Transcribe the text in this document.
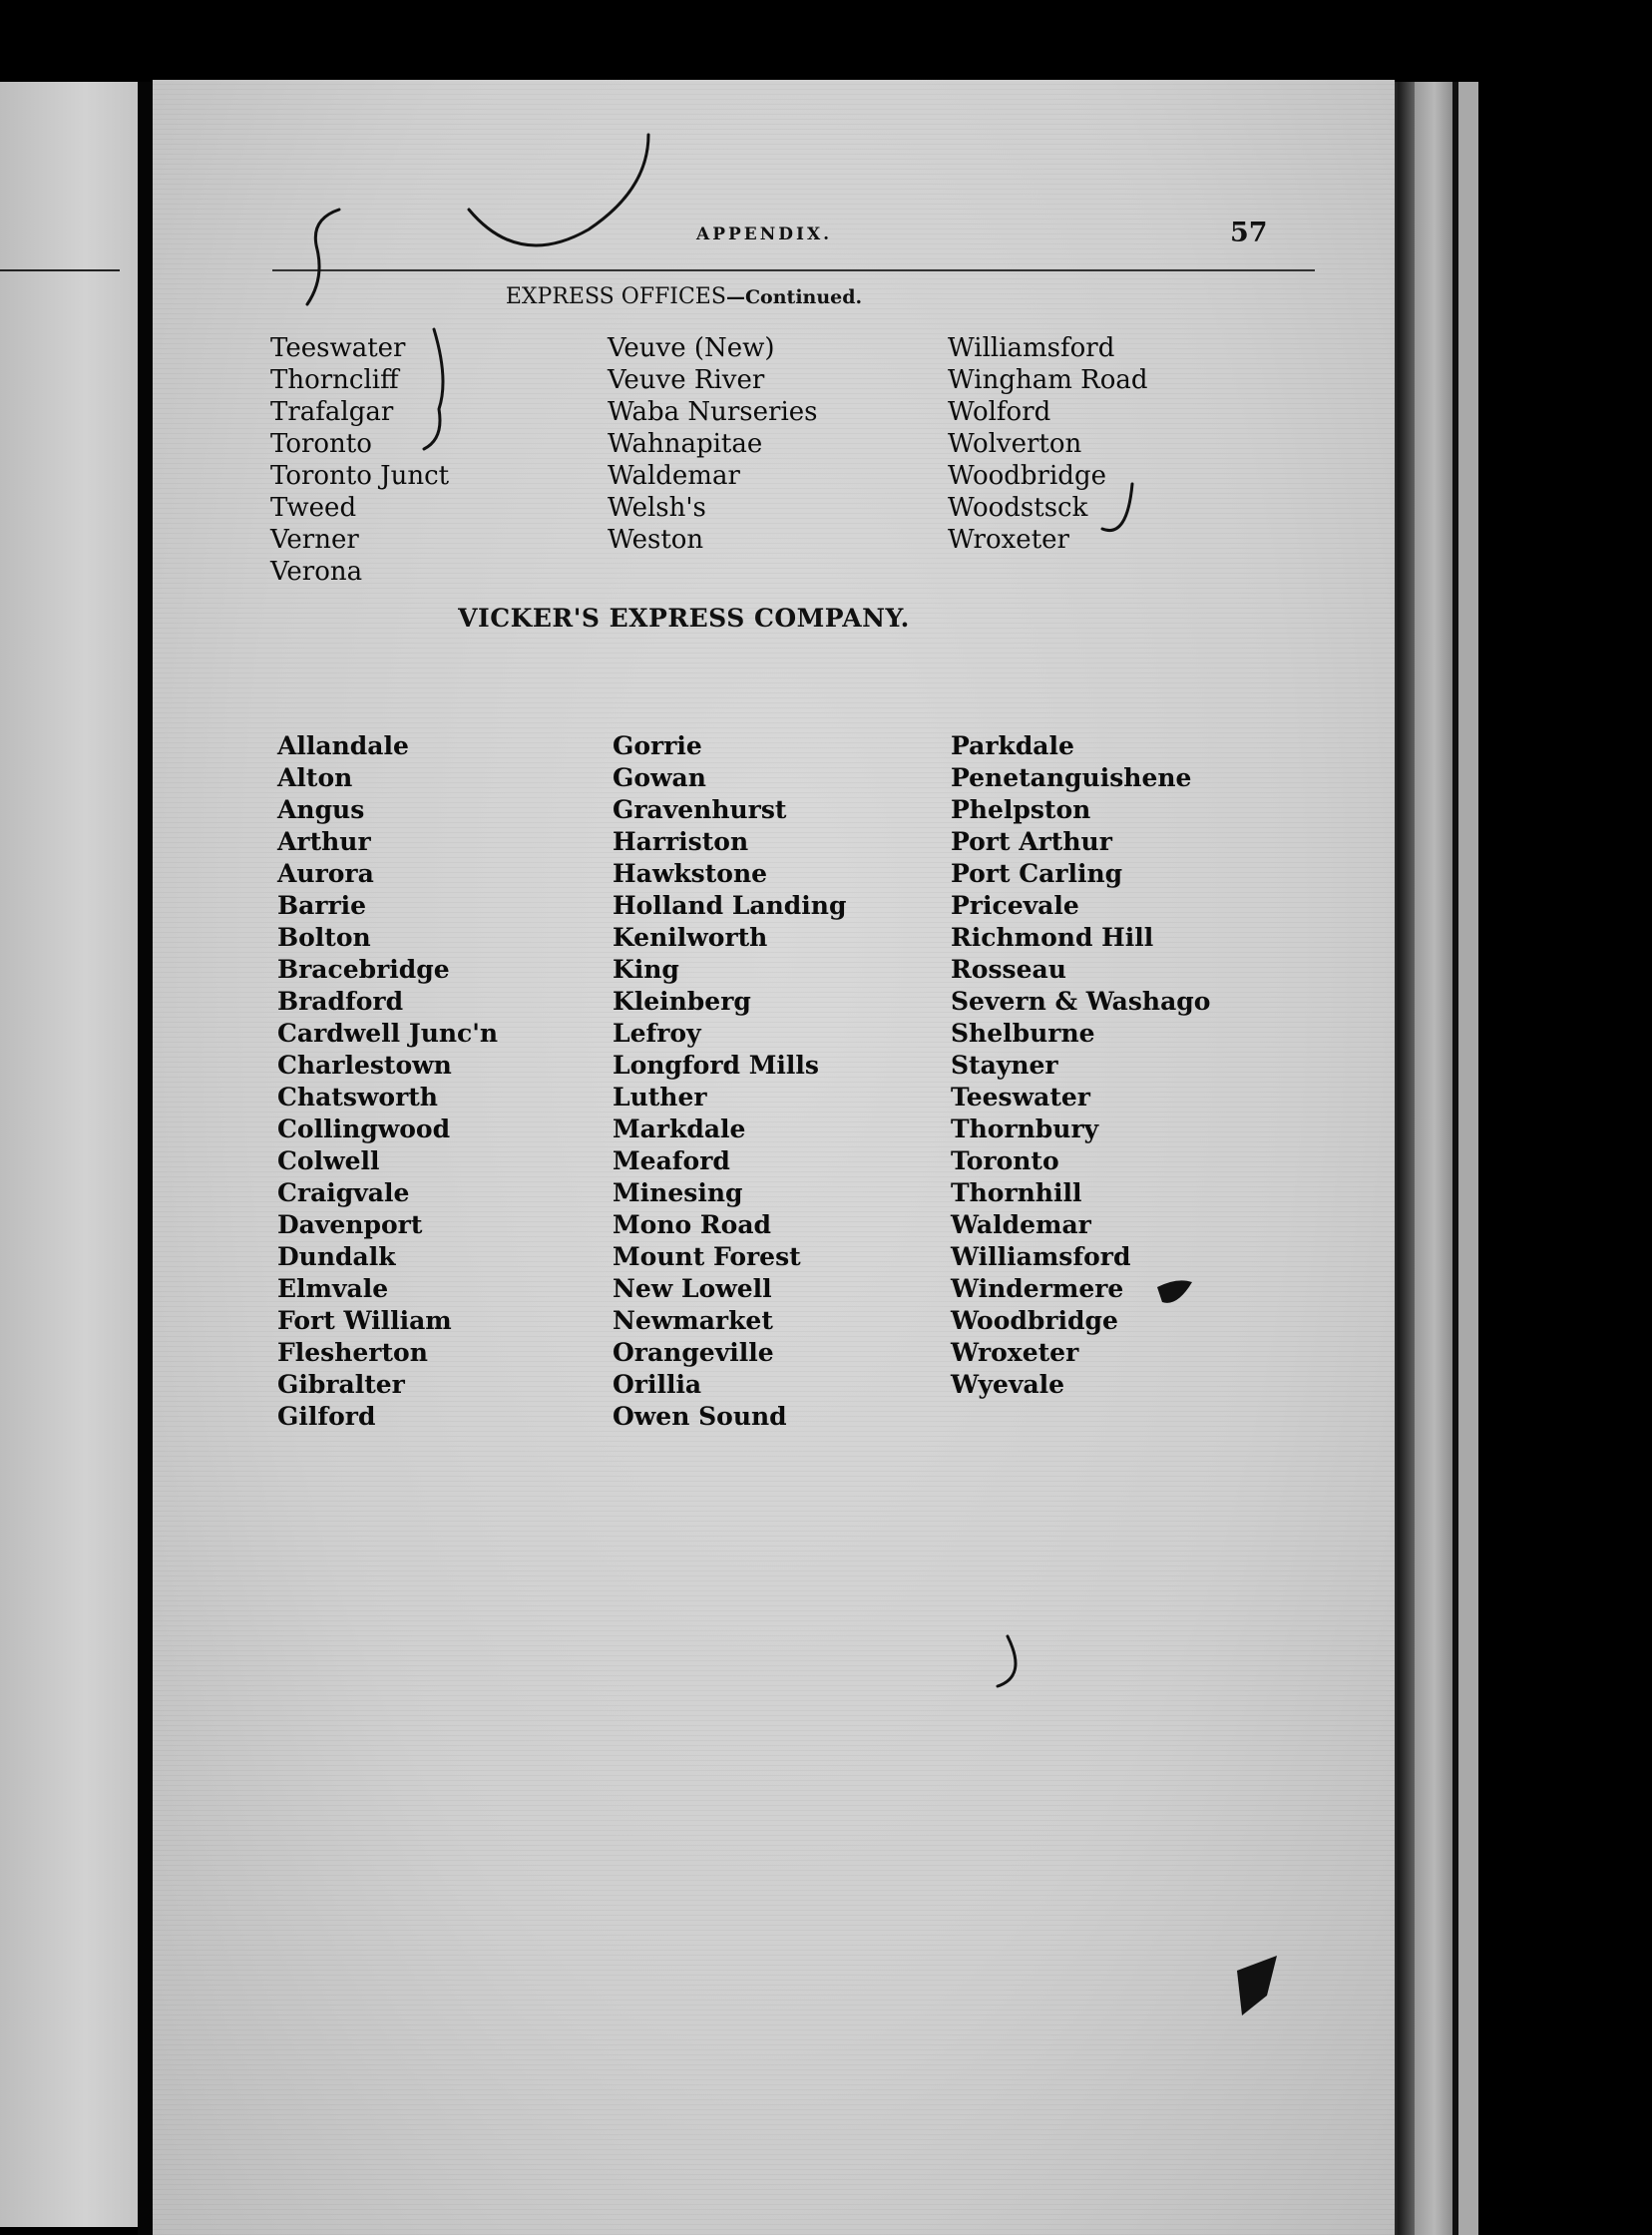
APPENDIX.	57
EXPRESS OFFICES—Continued.
Teeswater
Thorncliff
Trafalgar
Toronto
Toronto Junct
Tweed
Verner
Verona
Veuve (New)
Veuve River
Waba Nurseries
Wahnapitae
Waldemar
Welsh's
Weston
Williamsford
Wingham Road
Wolford
Wolverton
Woodbridge
Woodstsck
Wroxeter
VICKER'S EXPRESS COMPANY.
Allandale
Alton
Angus
Arthur
Aurora
Barrie
Bolton
Bracebridge
Bradford
Cardwell Junc'n
Charlestown
Chatsworth
Collingwood
Colwell
Craigvale
Davenport
Dundalk
Elmvale
Fort William
Flesherton
Gibralter
Gilford
Gorrie
Gowan
Gravenhurst
Harriston
Hawkstone
Holland Landing
Kenilworth
King
Kleinberg
Lefroy
Longford Mills
Luther
Markdale
Meaford
Minesing
Mono Road
Mount Forest
New Lowell
Newmarket
Orangeville
Orillia
Owen Sound
Parkdale
Penetanguishene
Phelpston
Port Arthur
Port Carling
Pricevale
Richmond Hill
Rosseau
Severn & Washago
Shelburne
Stayner
Teeswater
Thornbury
Toronto
Thornhill
Waldemar
Williamsford
Windermere
Woodbridge
Wroxeter
Wyevale
